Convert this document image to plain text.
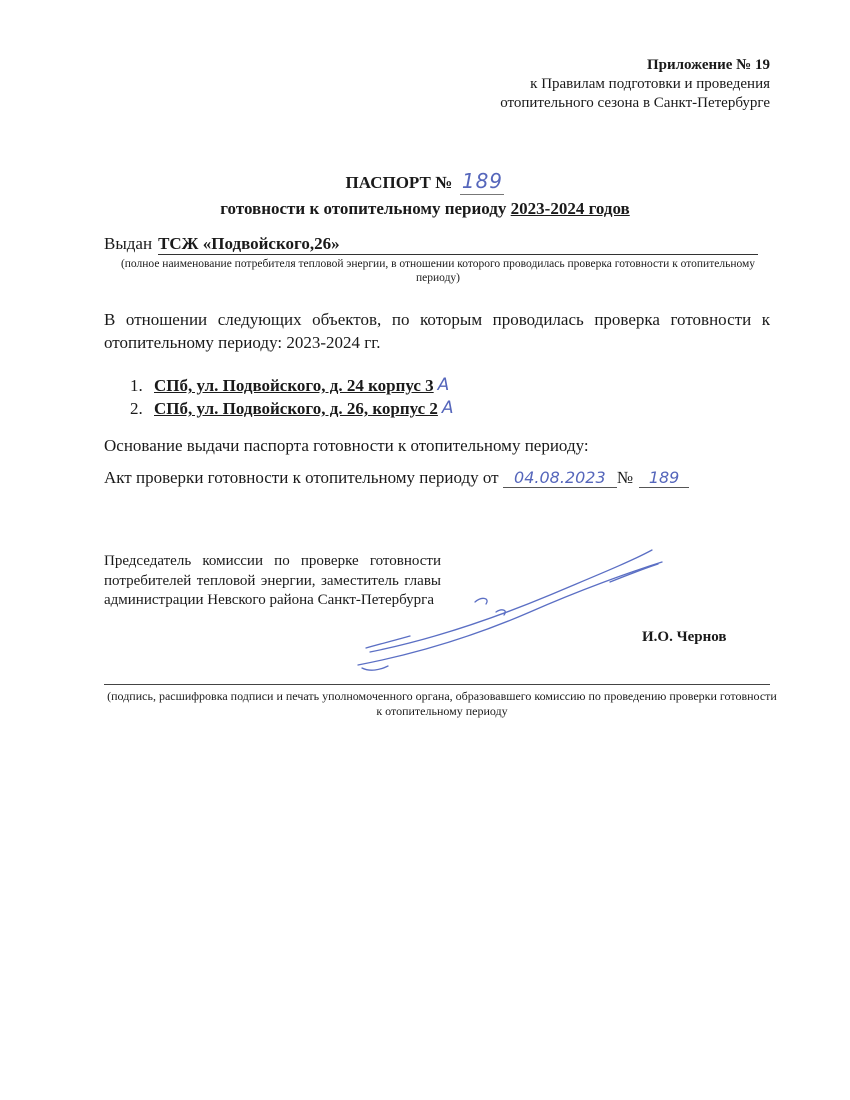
Приложение № 19
к Правилам подготовки и проведения
отопительного сезона в Санкт-Петербурге
ПАСПОРТ № 189
готовности к отопительному периоду 2023-2024 годов
Выдан ТСЖ «Подвойского,26»
(полное наименование потребителя тепловой энергии, в отношении которого проводилась проверка готовности к отопительному периоду)
В отношении следующих объектов, по которым проводилась проверка готовности к отопительному периоду: 2023-2024 гг.
1. СПб, ул. Подвойского, д. 24 корпус 3 А
2. СПб, ул. Подвойского, д. 26, корпус 2 А
Основание выдачи паспорта готовности к отопительному периоду:
Акт проверки готовности к отопительному периоду от 04.08.2023 № 189
Председатель комиссии по проверке готовности потребителей тепловой энергии, заместитель главы администрации Невского района Санкт-Петербурга
И.О. Чернов
(подпись, расшифровка подписи и печать уполномоченного органа, образовавшего комиссию по проведению проверки готовности к отопительному периоду
